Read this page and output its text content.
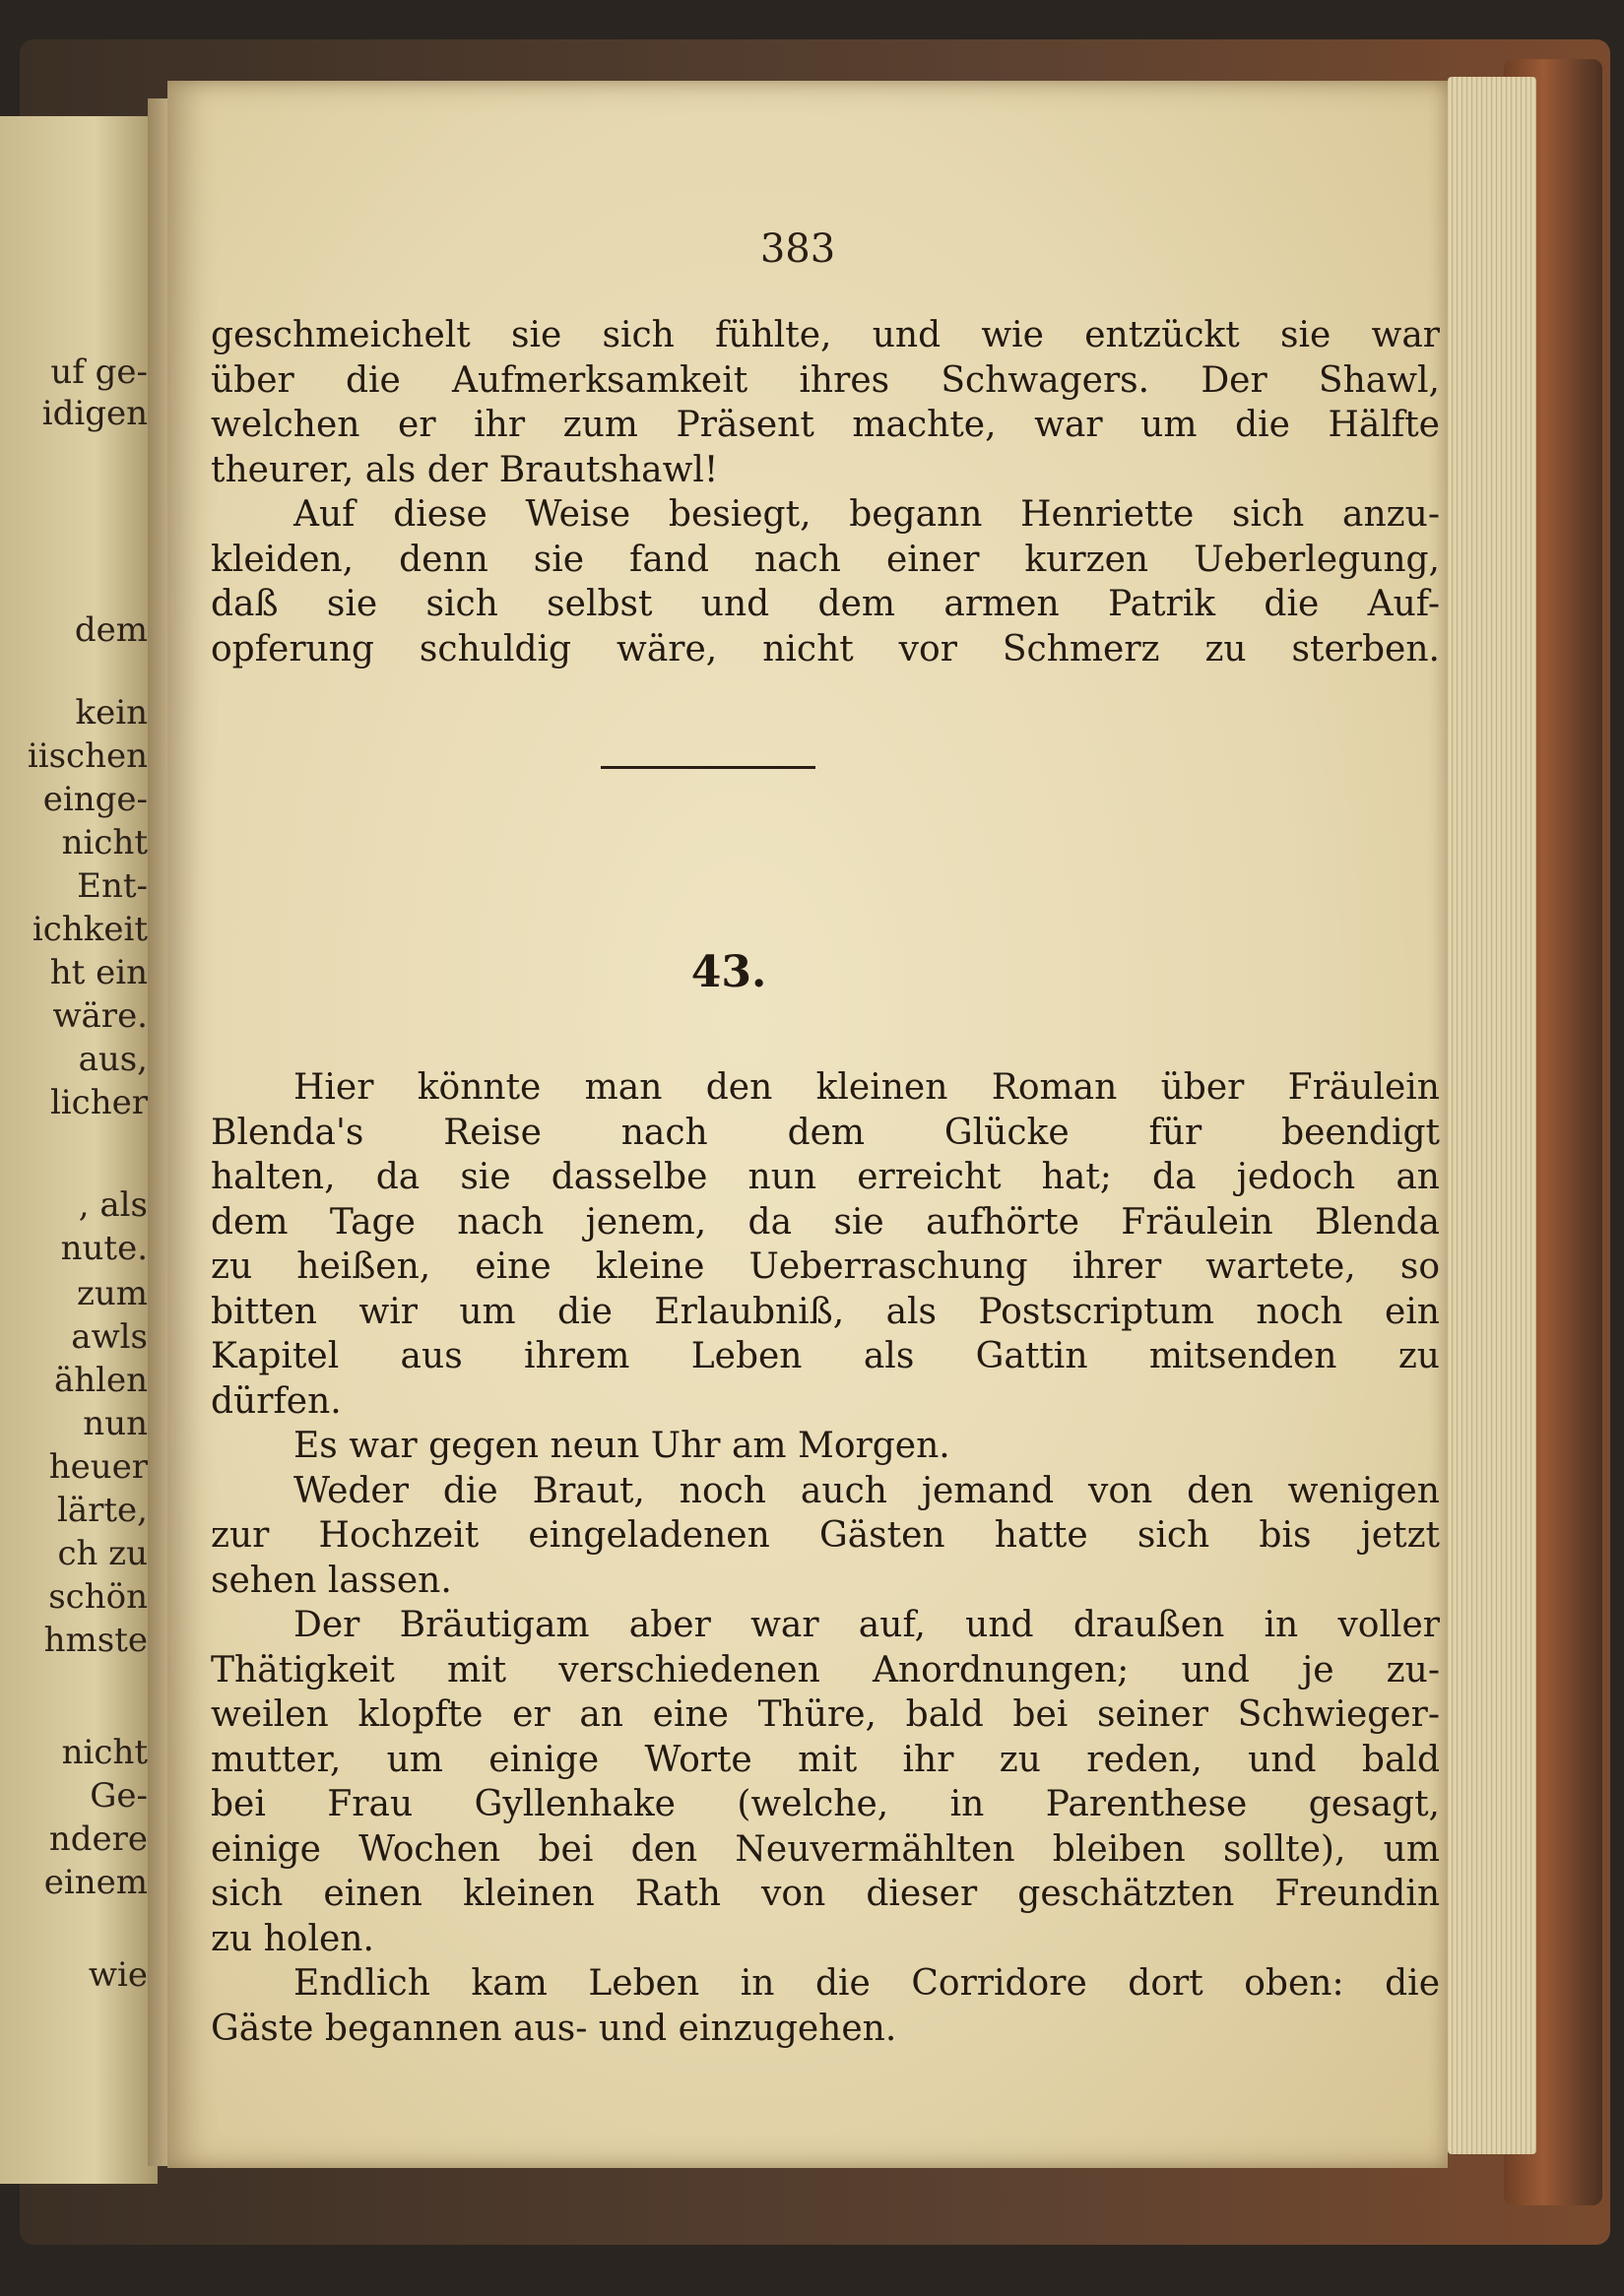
uf ge-
idigen
dem
kein
iischen
einge-
nicht
Ent-
ichkeit
ht ein
wäre.
aus,
licher
, als
nute.
zum
awls
ählen
nun
heuer
lärte,
ch zu
schön
hmste
nicht
Ge-
ndere
einem
wie
383
geschmeichelt sie sich fühlte, und wie entzückt sie war
über die Aufmerksamkeit ihres Schwagers. Der Shawl,
welchen er ihr zum Präsent machte, war um die Hälfte
theurer, als der Brautshawl!
Auf diese Weise besiegt, begann Henriette sich anzu-
kleiden, denn sie fand nach einer kurzen Ueberlegung,
daß sie sich selbst und dem armen Patrik die Auf-
opferung schuldig wäre, nicht vor Schmerz zu sterben.
43.
Hier könnte man den kleinen Roman über Fräulein
Blenda's Reise nach dem Glücke für beendigt
halten, da sie dasselbe nun erreicht hat; da jedoch an
dem Tage nach jenem, da sie aufhörte Fräulein Blenda
zu heißen, eine kleine Ueberraschung ihrer wartete, so
bitten wir um die Erlaubniß, als Postscriptum noch ein
Kapitel aus ihrem Leben als Gattin mitsenden zu
dürfen.
Es war gegen neun Uhr am Morgen.
Weder die Braut, noch auch jemand von den wenigen
zur Hochzeit eingeladenen Gästen hatte sich bis jetzt
sehen lassen.
Der Bräutigam aber war auf, und draußen in voller
Thätigkeit mit verschiedenen Anordnungen; und je zu-
weilen klopfte er an eine Thüre, bald bei seiner Schwieger-
mutter, um einige Worte mit ihr zu reden, und bald
bei Frau Gyllenhake (welche, in Parenthese gesagt,
einige Wochen bei den Neuvermählten bleiben sollte), um
sich einen kleinen Rath von dieser geschätzten Freundin
zu holen.
Endlich kam Leben in die Corridore dort oben: die
Gäste begannen aus- und einzugehen.
